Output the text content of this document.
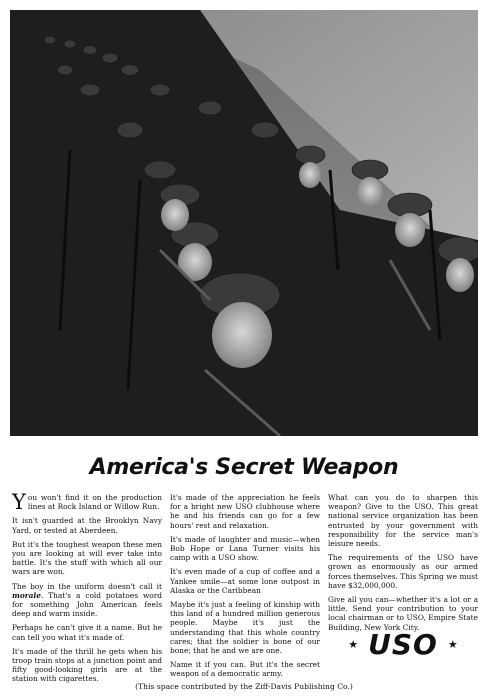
America's Secret Weapon

You won't find it on the production lines at Rock Island or Willow Run.

It isn't guarded at the Brooklyn Navy Yard, or tested at Aberdeen.

But it's the toughest weapon these men you are looking at will ever take into battle. It's the stuff with which all our wars are won.

The boy in the uniform doesn't call it morale. That's a cold potatoes word for something John American feels deep and warm inside.

Perhaps he can't give it a name. But he can tell you what it's made of.

It's made of the thrill he gets when his troop train stops at a junction point and fifty good-looking girls are at the station with cigarettes.

It's made of the appreciation he feels for a bright new USO clubhouse where he and his friends can go for a few hours' rest and relaxation.

It's made of laughter and music—when Bob Hope or Lana Turner visits his camp with a USO show.

It's even made of a cup of coffee and a Yankee smile—at some lone outpost in Alaska or the Caribbean

Maybe it's just a feeling of kinship with this land of a hundred million generous people. Maybe it's just the understanding that this whole country cares; that the soldier is bone of our bone; that he and we are one.

Name it if you can. But it's the secret weapon of a democratic army.

What can you do to sharpen this weapon? Give to the USO. This great national service organization has been entrusted by your government with responsibility for the service man's leisure needs.

The requirements of the USO have grown as enormously as our armed forces themselves. This Spring we must have $32,000,000.

Give all you can—whether it's a lot or a little. Send your contribution to your local chairman or to USO, Empire State Building, New York City.

★ USO ★
(This space contributed by the Ziff-Davis Publishing Co.)
